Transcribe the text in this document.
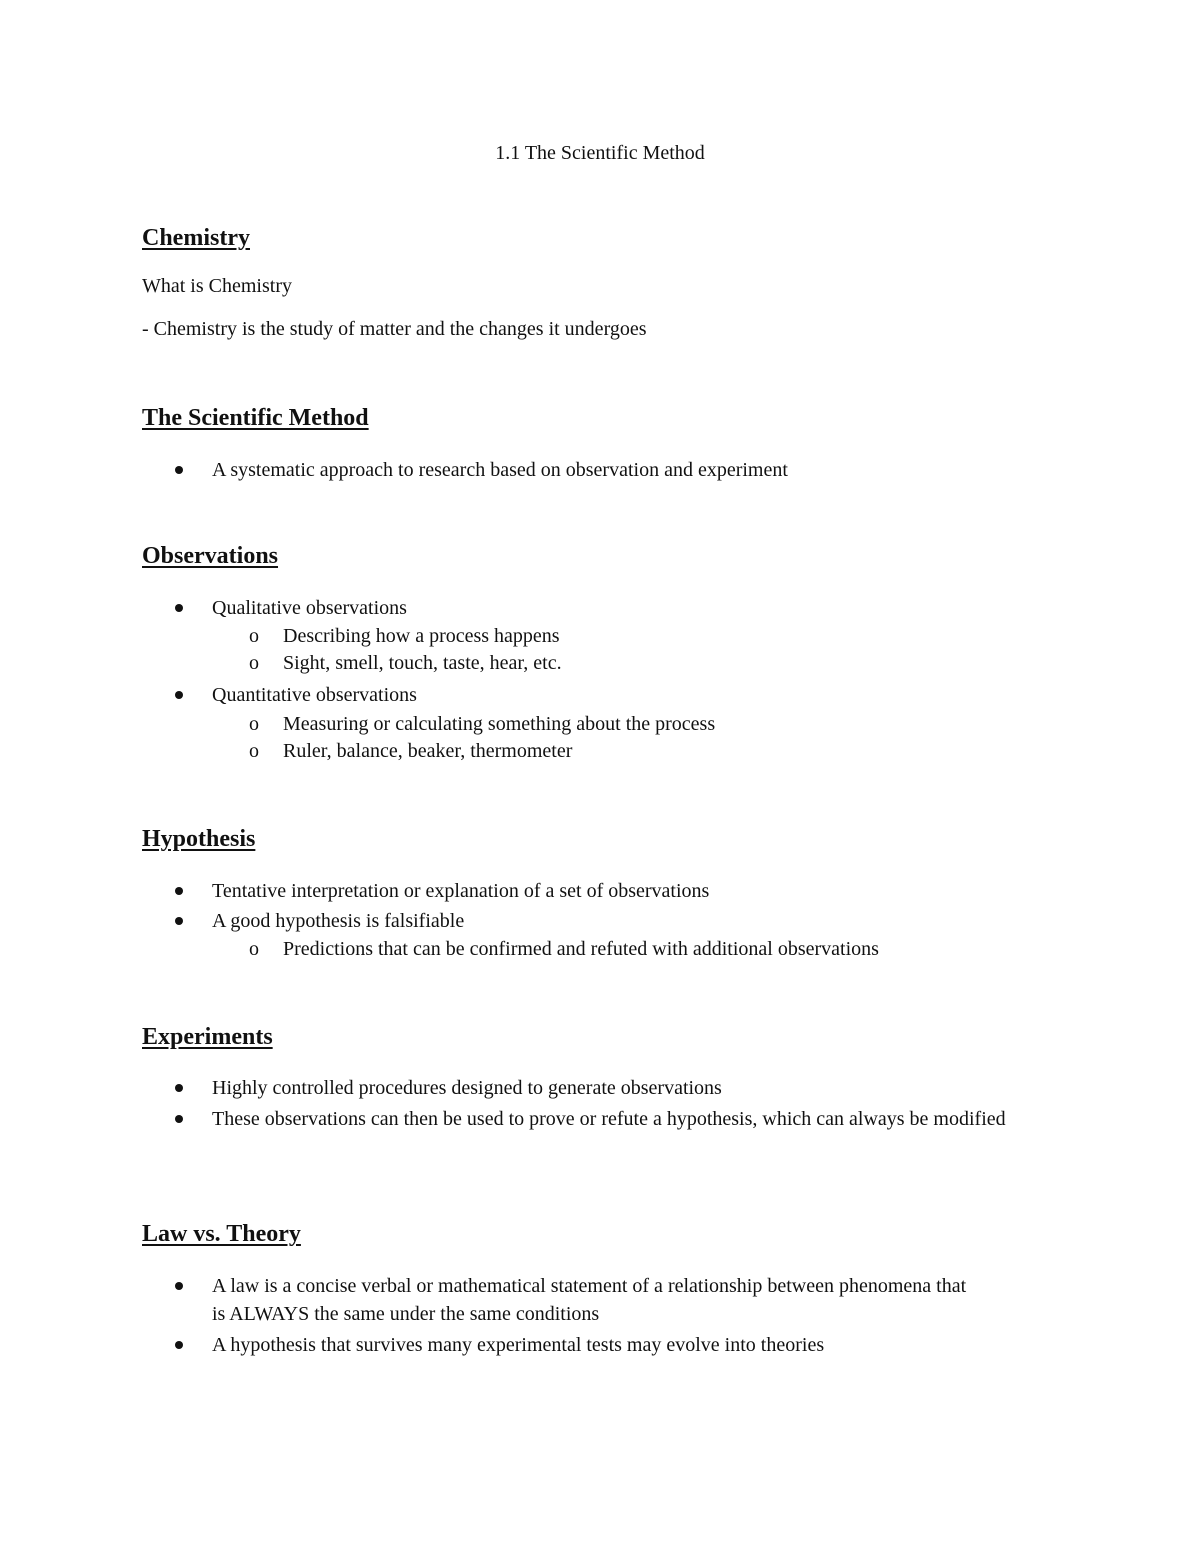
1.1 The Scientific Method
Chemistry
What is Chemistry
- Chemistry is the study of matter and the changes it undergoes
The Scientific Method
A systematic approach to research based on observation and experiment
Observations
Qualitative observations
o Describing how a process happens
o Sight, smell, touch, taste, hear, etc.
Quantitative observations
o Measuring or calculating something about the process
o Ruler, balance, beaker, thermometer
Hypothesis
Tentative interpretation or explanation of a set of observations
A good hypothesis is falsifiable
o Predictions that can be confirmed and refuted with additional observations
Experiments
Highly controlled procedures designed to generate observations
These observations can then be used to prove or refute a hypothesis, which can always be modified
Law vs. Theory
A law is a concise verbal or mathematical statement of a relationship between phenomena that is ALWAYS the same under the same conditions
A hypothesis that survives many experimental tests may evolve into theories
